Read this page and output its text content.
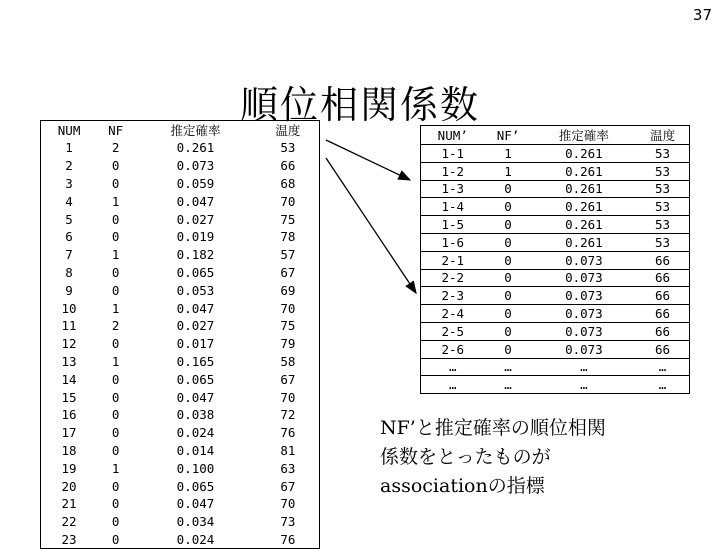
37
順位相関係数
NUM	NF	推定確率	温度
1	2	0.261	53
2	0	0.073	66
3	0	0.059	68
4	1	0.047	70
5	0	0.027	75
6	0	0.019	78
7	1	0.182	57
8	0	0.065	67
9	0	0.053	69
10	1	0.047	70
11	2	0.027	75
12	0	0.017	79
13	1	0.165	58
14	0	0.065	67
15	0	0.047	70
16	0	0.038	72
17	0	0.024	76
18	0	0.014	81
19	1	0.100	63
20	0	0.065	67
21	0	0.047	70
22	0	0.034	73
23	0	0.024	76
NUM’	NF’	推定確率	温度
1-1	1	0.261	53
1-2	1	0.261	53
1-3	0	0.261	53
1-4	0	0.261	53
1-5	0	0.261	53
1-6	0	0.261	53
2-1	0	0.073	66
2-2	0	0.073	66
2-3	0	0.073	66
2-4	0	0.073	66
2-5	0	0.073	66
2-6	0	0.073	66
…	…	…	…
…	…	…	…
NF’と推定確率の順位相関
係数をとったものが
associationの指標
